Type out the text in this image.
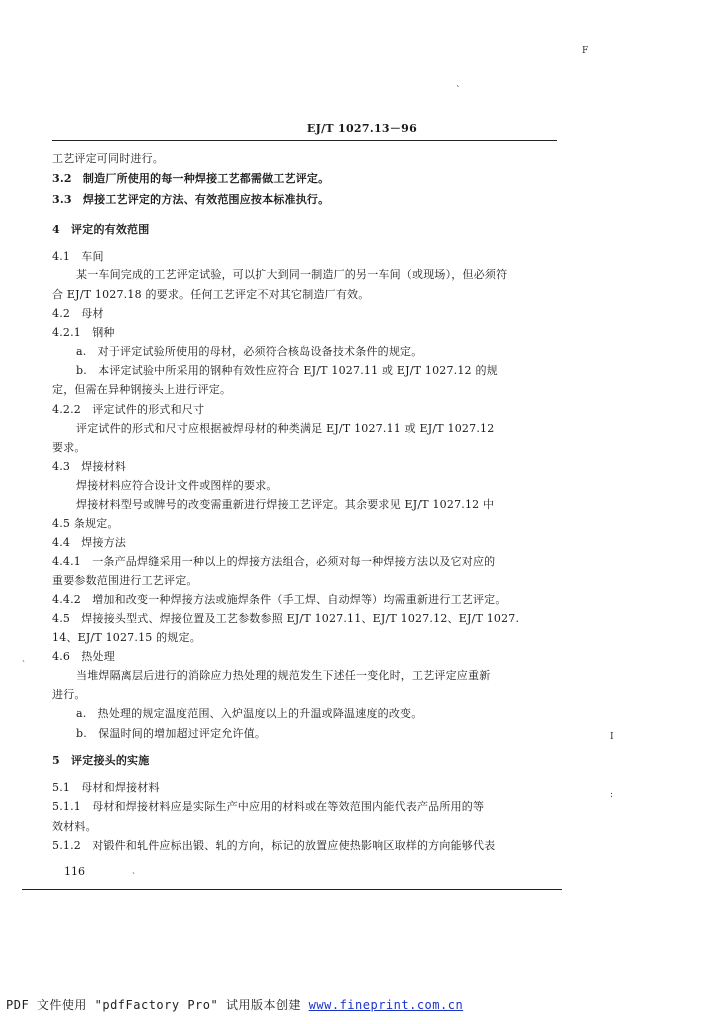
EJ/T 1027.13－96
工艺评定可同时进行。
3.2　制造厂所使用的每一种焊接工艺都需做工艺评定。
3.3　焊接工艺评定的方法、有效范围应按本标准执行。
4　评定的有效范围
4.1　车间
某一车间完成的工艺评定试验，可以扩大到同一制造厂的另一车间（或现场），但必须符
合 EJ/T 1027.18 的要求。任何工艺评定不对其它制造厂有效。
4.2　母材
4.2.1　钢种
a.　对于评定试验所使用的母材，必须符合核岛设备技术条件的规定。
b.　本评定试验中所采用的钢种有效性应符合 EJ/T 1027.11 或 EJ/T 1027.12 的规
定，但需在异种钢接头上进行评定。
4.2.2　评定试件的形式和尺寸
评定试件的形式和尺寸应根据被焊母材的种类满足 EJ/T 1027.11 或 EJ/T 1027.12
要求。
4.3　焊接材料
焊接材料应符合设计文件或图样的要求。
焊接材料型号或牌号的改变需重新进行焊接工艺评定。其余要求见 EJ/T 1027.12 中
4.5 条规定。
4.4　焊接方法
4.4.1　一条产品焊缝采用一种以上的焊接方法组合，必须对每一种焊接方法以及它对应的
重要参数范围进行工艺评定。
4.4.2　增加和改变一种焊接方法或施焊条件（手工焊、自动焊等）均需重新进行工艺评定。
4.5　焊接接头型式、焊接位置及工艺参数参照 EJ/T 1027.11、EJ/T 1027.12、EJ/T 1027.
14、EJ/T 1027.15 的规定。
4.6　热处理
当堆焊隔离层后进行的消除应力热处理的规范发生下述任一变化时，工艺评定应重新
进行。
a.　热处理的规定温度范围、入炉温度以上的升温或降温速度的改变。
b.　保温时间的增加超过评定允许值。
5　评定接头的实施
5.1　母材和焊接材料
5.1.1　母材和焊接材料应是实际生产中应用的材料或在等效范围内能代表产品所用的等
效材料。
5.1.2　对锻件和轧件应标出锻、轧的方向，标记的放置应使热影响区取样的方向能够代表
116
F
ˋ
ˎ
ˎ
I
:
PDF 文件使用 "pdfFactory Pro" 试用版本创建 www.fineprint.com.cn
